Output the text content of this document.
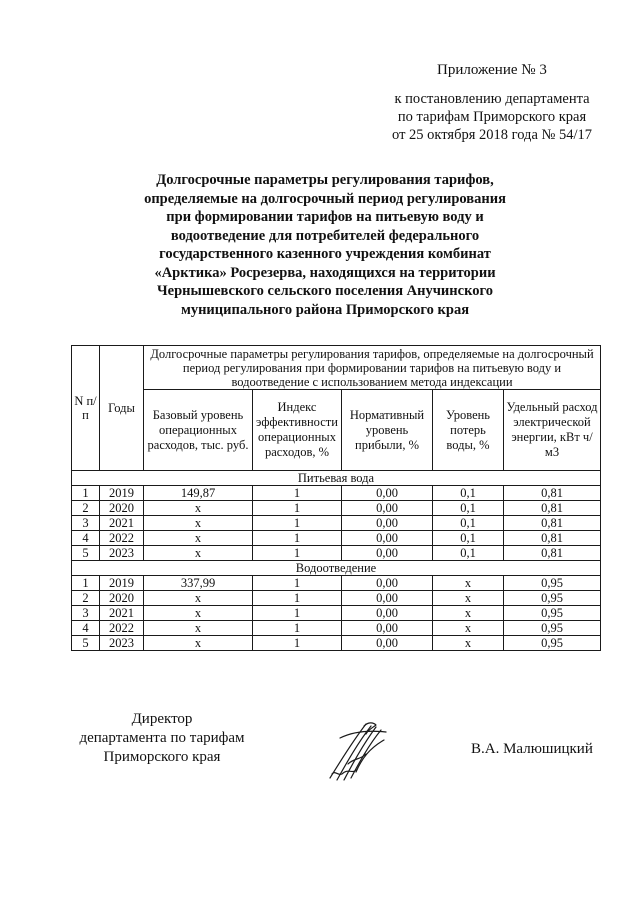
Приложение № 3
к постановлению департамента
по тарифам Приморского края
от 25 октября 2018 года № 54/17
Долгосрочные параметры регулирования тарифов,
определяемые на долгосрочный период регулирования
при формировании тарифов на питьевую воду и
водоотведение для потребителей федерального
государственного казенного учреждения комбинат
«Арктика» Росрезерва, находящихся на территории
Чернышевского сельского поселения Анучинского
муниципального района Приморского края
N п/п	Годы	Долгосрочные параметры регулирования тарифов, определяемые на долгосрочный период регулирования при формировании тарифов на питьевую воду и водоотведение с использованием метода индексации				
		Базовый уровень операционных расходов, тыс. руб.	Индекс эффективности операционных расходов, %	Нормативный уровень прибыли, %	Уровень потерь воды, %	Удельный расход электрической энергии, кВт ч/м3
Питьевая вода						
1	2019	149,87	1	0,00	0,1	0,81
2	2020	х	1	0,00	0,1	0,81
3	2021	х	1	0,00	0,1	0,81
4	2022	х	1	0,00	0,1	0,81
5	2023	х	1	0,00	0,1	0,81
Водоотведение						
1	2019	337,99	1	0,00	х	0,95
2	2020	х	1	0,00	х	0,95
3	2021	х	1	0,00	х	0,95
4	2022	х	1	0,00	х	0,95
5	2023	х	1	0,00	х	0,95
Директор
департамента по тарифам
Приморского края	В.А. Малюшицкий
